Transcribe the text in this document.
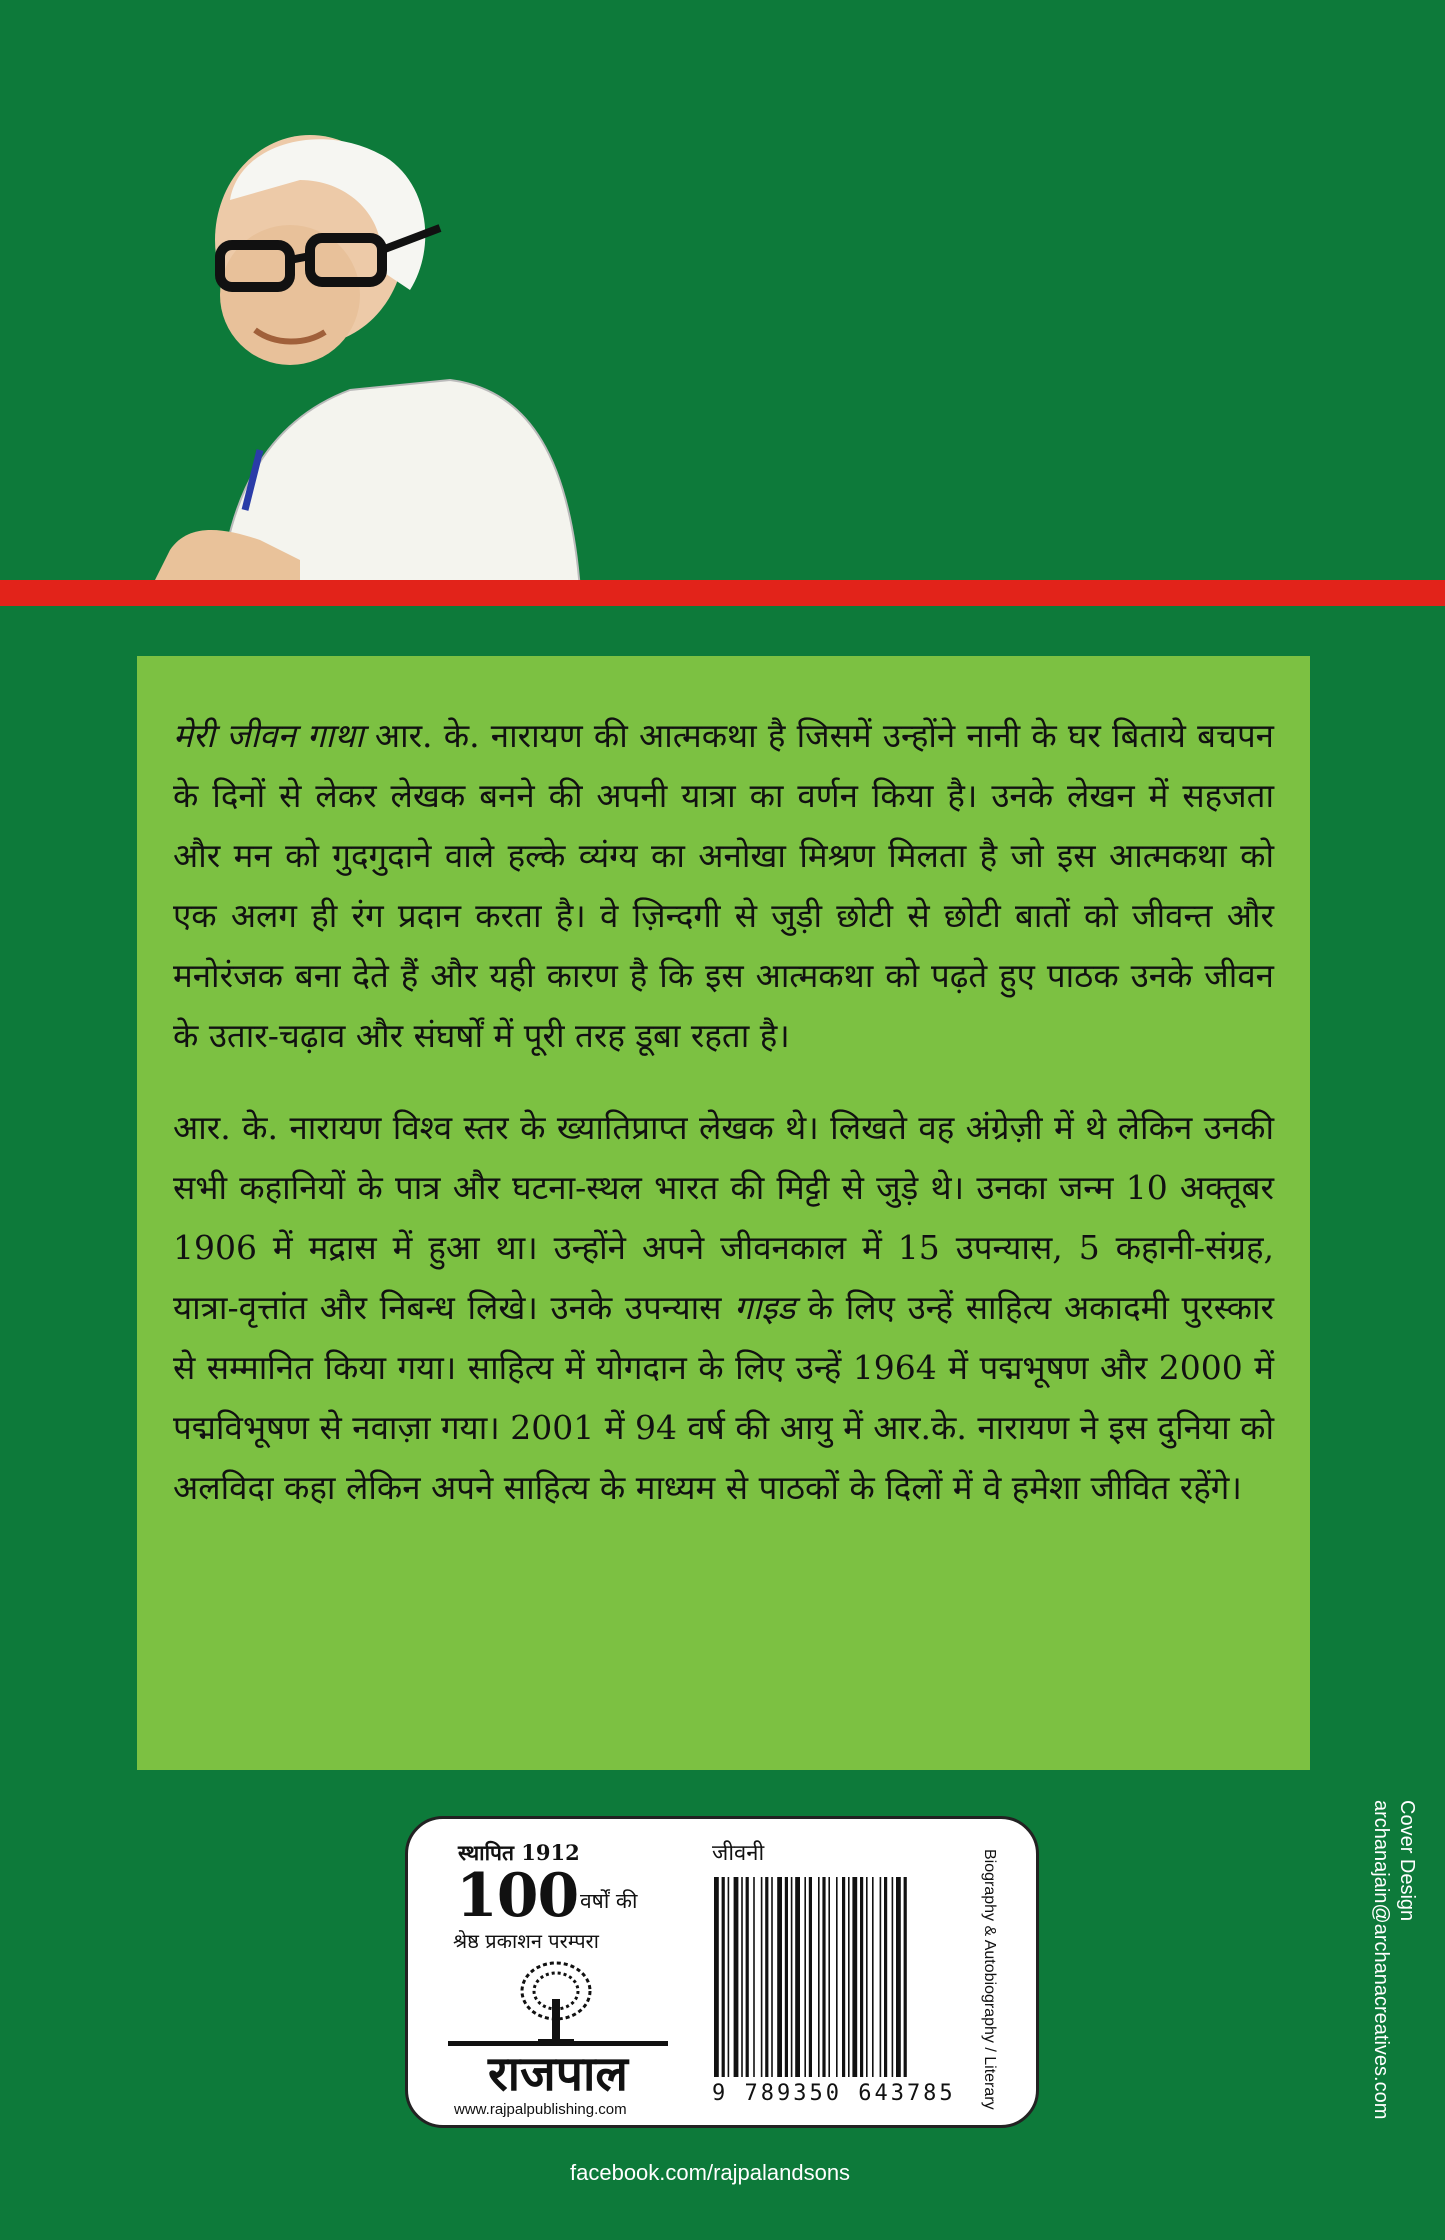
मेरी जीवन गाथा आर. के. नारायण की आत्मकथा है जिसमें उन्होंने नानी के घर बिताये बचपन के दिनों से लेकर लेखक बनने की अपनी यात्रा का वर्णन किया है। उनके लेखन में सहजता और मन को गुदगुदाने वाले हल्के व्यंग्य का अनोखा मिश्रण मिलता है जो इस आत्मकथा को एक अलग ही रंग प्रदान करता है। वे ज़िन्दगी से जुड़ी छोटी से छोटी बातों को जीवन्त और मनोरंजक बना देते हैं और यही कारण है कि इस आत्मकथा को पढ़ते हुए पाठक उनके जीवन के उतार-चढ़ाव और संघर्षों में पूरी तरह डूबा रहता है।

आर. के. नारायण विश्व स्तर के ख्यातिप्राप्त लेखक थे। लिखते वह अंग्रेज़ी में थे लेकिन उनकी सभी कहानियों के पात्र और घटना-स्थल भारत की मिट्टी से जुड़े थे। उनका जन्म 10 अक्तूबर 1906 में मद्रास में हुआ था। उन्होंने अपने जीवनकाल में 15 उपन्यास, 5 कहानी-संग्रह, यात्रा-वृत्तांत और निबन्ध लिखे। उनके उपन्यास गाइड के लिए उन्हें साहित्य अकादमी पुरस्कार से सम्मानित किया गया। साहित्य में योगदान के लिए उन्हें 1964 में पद्मभूषण और 2000 में पद्मविभूषण से नवाज़ा गया। 2001 में 94 वर्ष की आयु में आर.के. नारायण ने इस दुनिया को अलविदा कहा लेकिन अपने साहित्य के माध्यम से पाठकों के दिलों में वे हमेशा जीवित रहेंगे।

स्थापित 1912
100 वर्षों की
श्रेष्ठ प्रकाशन परम्परा
राजपाल
www.rajpalpublishing.com
जीवनी
9 789350 643785 Biography & Autobiography / Literary
facebook.com/rajpalandsons
Cover Design
archanajain@archanacreatives.com
